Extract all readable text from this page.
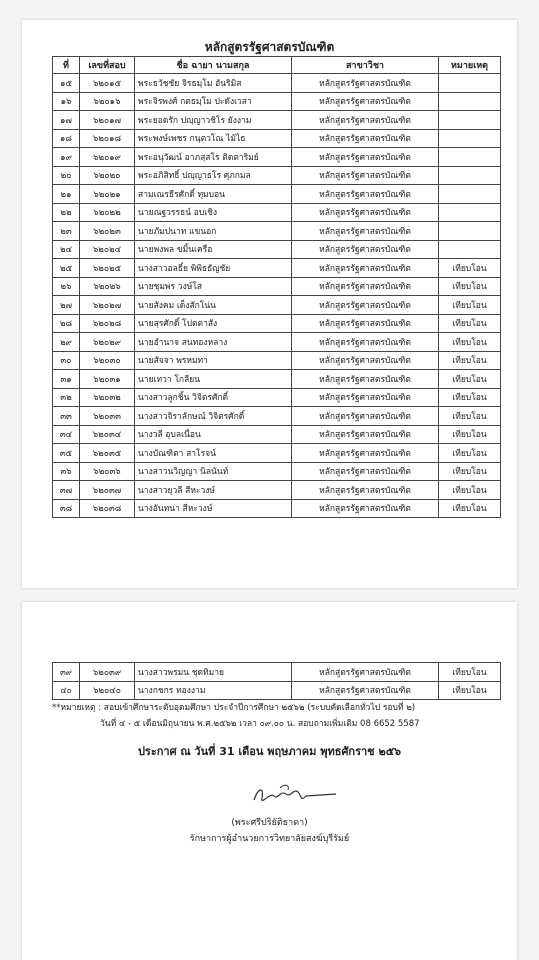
หลักสูตรรัฐศาสตรบัณฑิต
ที่	เลขที่สอบ	ชื่อ ฉายา นามสกุล	สาขาวิชา	หมายเหตุ
๑๕	๖๒๐๑๕	พระธวัชชัย จิรธมฺโม อันริมิส	หลักสูตรรัฐศาสตรบัณฑิต	
๑๖	๖๒๐๑๖	พระจิรพงศ์ กตธมฺโม ปะดังเวสา	หลักสูตรรัฐศาสตรบัณฑิต	
๑๗	๖๒๐๑๗	พระยอดรัก ปญฺญาวชิโร ยังงาม	หลักสูตรรัฐศาสตรบัณฑิต	
๑๘	๖๒๐๑๘	พระพงษ์เพชร กนฺตวโณ ไม้ไธ	หลักสูตรรัฐศาสตรบัณฑิต	
๑๙	๖๒๐๑๙	พระอนุวัฒน์ อาภสฺสโร ติดตาริมย์	หลักสูตรรัฐศาสตรบัณฑิต	
๒๐	๖๒๐๒๐	พระอภิสิทธิ์ ปญฺญาธโร ศุภกมล	หลักสูตรรัฐศาสตรบัณฑิต	
๒๑	๖๒๐๒๑	สามเณรธีรศักดิ์ ทุมบอน	หลักสูตรรัฐศาสตรบัณฑิต	
๒๒	๖๒๐๒๒	นายณฐวรรธน์ อบเชิง	หลักสูตรรัฐศาสตรบัณฑิต	
๒๓	๖๒๐๒๓	นายภัมปนาท แขนอก	หลักสูตรรัฐศาสตรบัณฑิต	
๒๔	๖๒๐๒๔	นายพงพล ขมิ้นเครือ	หลักสูตรรัฐศาสตรบัณฑิต	
๒๕	๖๒๐๒๕	นางสาวอลธิ์ย พิพิธธัญชัย	หลักสูตรรัฐศาสตรบัณฑิต	เทียบโอน
๒๖	๖๒๐๒๖	นายชุมพร วงษ์โส	หลักสูตรรัฐศาสตรบัณฑิต	เทียบโอน
๒๗	๖๒๐๒๗	นายสังคม เด็งสักโน่น	หลักสูตรรัฐศาสตรบัณฑิต	เทียบโอน
๒๘	๖๒๐๒๘	นายสุรศักดิ์ โปตตาสัง	หลักสูตรรัฐศาสตรบัณฑิต	เทียบโอน
๒๙	๖๒๐๒๙	นายอำนาจ สนทองหลาง	หลักสูตรรัฐศาสตรบัณฑิต	เทียบโอน
๓๐	๖๒๐๓๐	นายสัจจา พรหมทา	หลักสูตรรัฐศาสตรบัณฑิต	เทียบโอน
๓๑	๖๒๐๓๑	นายเทวา โกลียน	หลักสูตรรัฐศาสตรบัณฑิต	เทียบโอน
๓๒	๖๒๐๓๒	นางสาวลูกชิ้น วิจิตรศักดิ์	หลักสูตรรัฐศาสตรบัณฑิต	เทียบโอน
๓๓	๖๒๐๓๓	นางสาวจิราลักษณ์ วิจิตรศักดิ์	หลักสูตรรัฐศาสตรบัณฑิต	เทียบโอน
๓๔	๖๒๐๓๔	นางวลี อุบลเนื่อน	หลักสูตรรัฐศาสตรบัณฑิต	เทียบโอน
๓๕	๖๒๐๓๕	นางบัณฑิตา สาโรจน์	หลักสูตรรัฐศาสตรบัณฑิต	เทียบโอน
๓๖	๖๒๐๓๖	นางสาวนวิญญา นิลนันท์	หลักสูตรรัฐศาสตรบัณฑิต	เทียบโอน
๓๗	๖๒๐๓๗	นางสาวยุวลี สีหะวงษ์	หลักสูตรรัฐศาสตรบัณฑิต	เทียบโอน
๓๘	๖๒๐๓๘	นางอันทนา สีหะวงษ์	หลักสูตรรัฐศาสตรบัณฑิต	เทียบโอน
๓๙	๖๒๐๓๙	นางสาวพรมน ชุดทิมาย	หลักสูตรรัฐศาสตรบัณฑิต	เทียบโอน
๔๐	๖๒๐๔๐	นางกชกร ทองงาม	หลักสูตรรัฐศาสตรบัณฑิต	เทียบโอน
**หมายเหตุ : สอบเข้าศึกษาระดับอุดมศึกษา ประจำปีการศึกษา ๒๕๖๒ (ระบบคัดเลือกทั่วไป รอบที่ ๒)
วันที่ ๔ - ๕ เดือนมิถุนายน พ.ศ.๒๕๖๒ เวลา ๐๙.๐๐ น. สอบถามเพิ่มเติม 08 6652 5587
ประกาศ ณ วันที่ 31 เดือน พฤษภาคม พุทธศักราช ๒๕๖
(พระศรีปริยัติธาดา)
รักษาการผู้อำนวยการวิทยาลัยสงฆ์บุรีรัมย์
